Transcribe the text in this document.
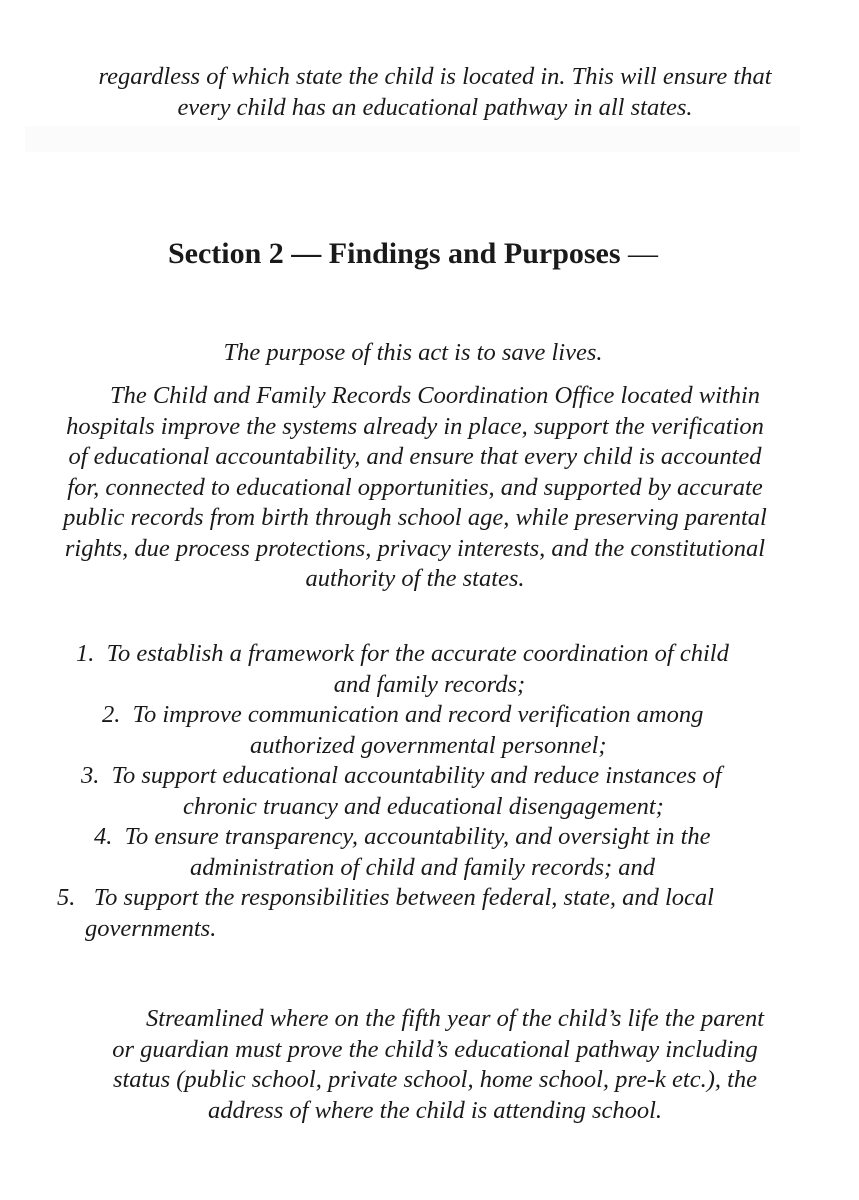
regardless of which state the child is located in. This will ensure that
every child has an educational pathway in all states.
Section 2 — Findings and Purposes —
The purpose of this act is to save lives.
The Child and Family Records Coordination Office located within
hospitals improve the systems already in place, support the verification
of educational accountability, and ensure that every child is accounted
for, connected to educational opportunities, and supported by accurate
public records from birth through school age, while preserving parental
rights, due process protections, privacy interests, and the constitutional
authority of the states.
1. To establish a framework for the accurate coordination of child
and family records;
2. To improve communication and record verification among
authorized governmental personnel;
3. To support educational accountability and reduce instances of
chronic truancy and educational disengagement;
4. To ensure transparency, accountability, and oversight in the
administration of child and family records; and
5. To support the responsibilities between federal, state, and local
governments.
Streamlined where on the fifth year of the child’s life the parent
or guardian must prove the child’s educational pathway including
status (public school, private school, home school, pre-k etc.), the
address of where the child is attending school.
